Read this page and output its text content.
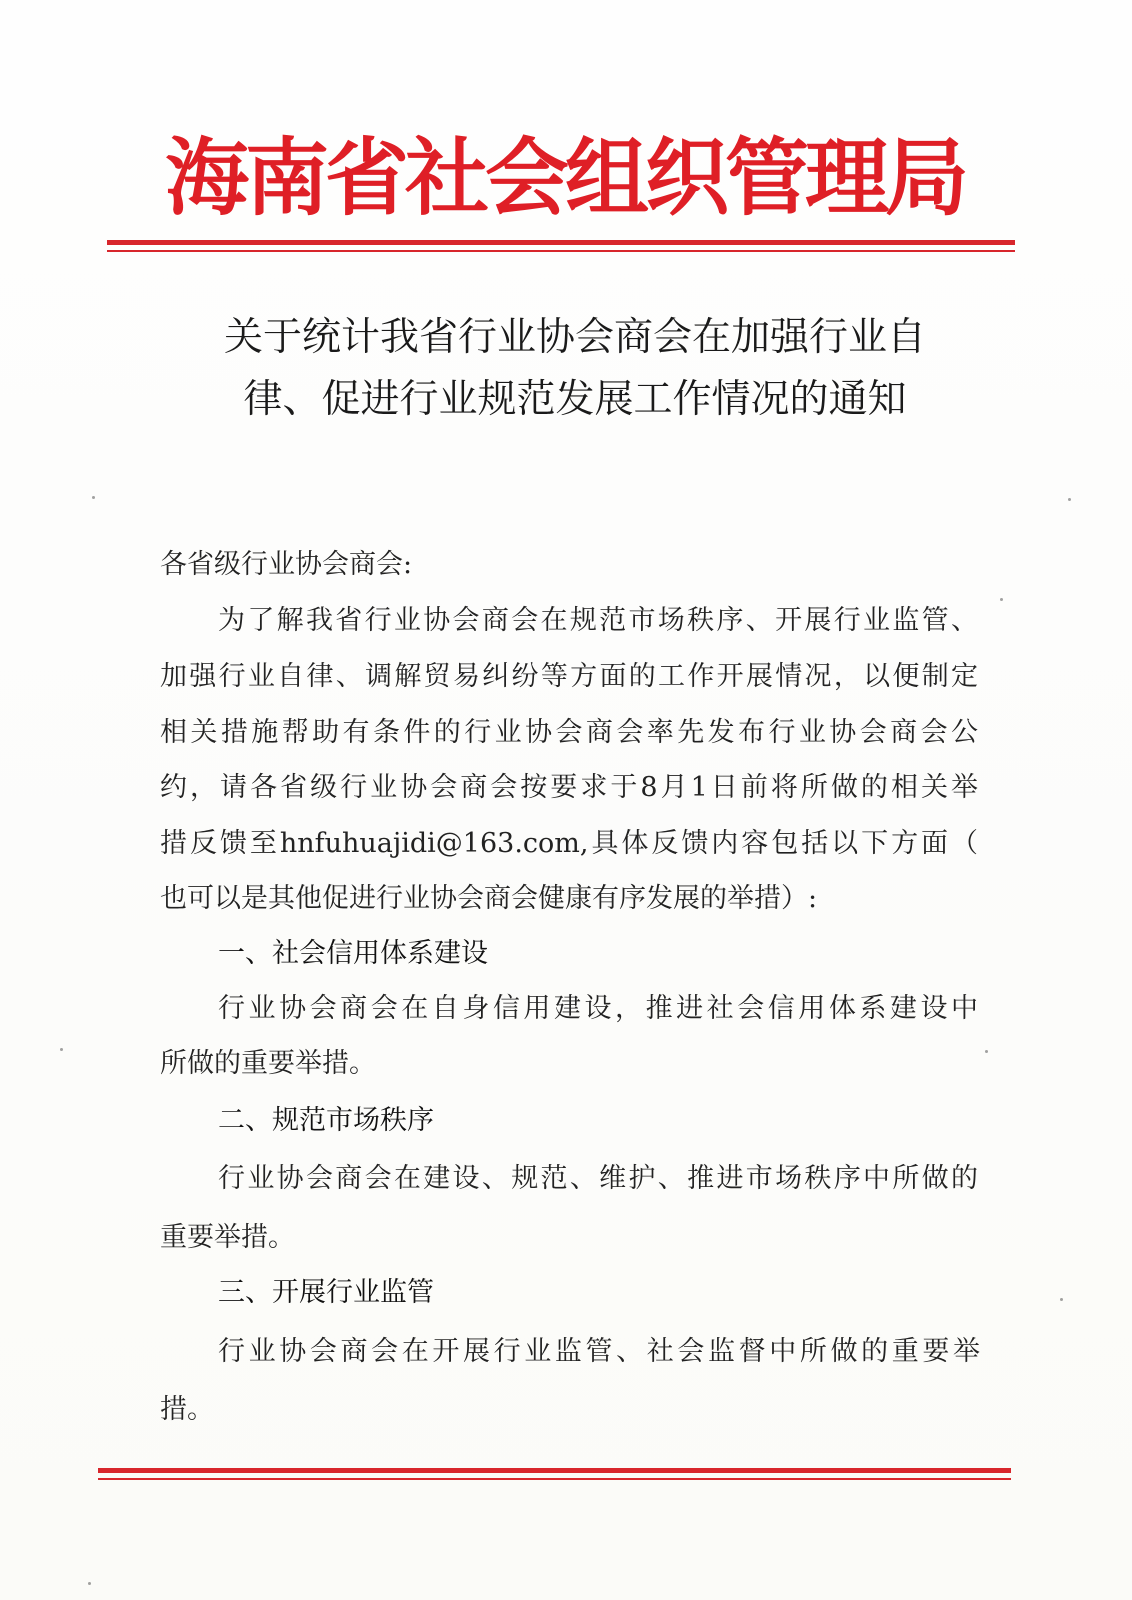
海南省社会组织管理局
关于统计我省行业协会商会在加强行业自
律、促进行业规范发展工作情况的通知
各省级行业协会商会:
为了解我省行业协会商会在规范市场秩序、开展行业监管、
加强行业自律、调解贸易纠纷等方面的工作开展情况，以便制定
相关措施帮助有条件的行业协会商会率先发布行业协会商会公
约，请各省级行业协会商会按要求于8月1日前将所做的相关举
措反馈至hnfuhuajidi@163.com,具体反馈内容包括以下方面（
也可以是其他促进行业协会商会健康有序发展的举措）:
一、社会信用体系建设
行业协会商会在自身信用建设，推进社会信用体系建设中
所做的重要举措。
二、规范市场秩序
行业协会商会在建设、规范、维护、推进市场秩序中所做的
重要举措。
三、开展行业监管
行业协会商会在开展行业监管、社会监督中所做的重要举
措。
